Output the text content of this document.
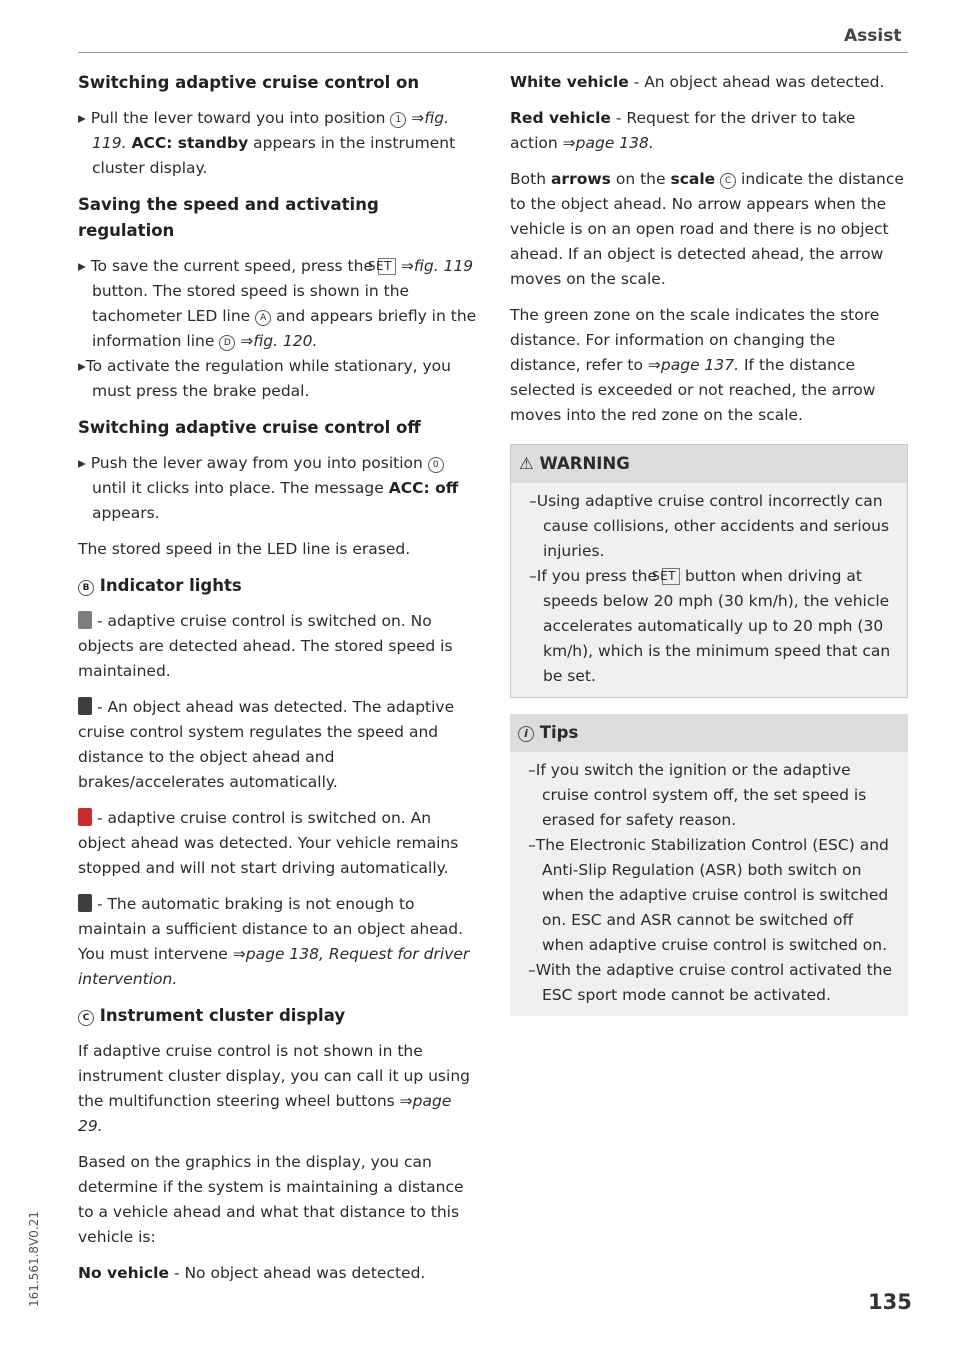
Assist
161.561.8V0.21
Switching adaptive cruise control on

▸ Pull the lever toward you into position 1 ⇒fig. 119. ACC: standby appears in the instrument cluster display.

Saving the speed and activating regulation

▸ To save the current speed, press the SET ⇒fig. 119 button. The stored speed is shown in the tachometer LED line A and appears briefly in the information line D ⇒fig. 120.

▸ To activate the regulation while stationary, you must press the brake pedal.

Switching adaptive cruise control off

▸ Push the lever away from you into position 0 until it clicks into place. The message ACC: off appears.

The stored speed in the LED line is erased.

B Indicator lights

- adaptive cruise control is switched on. No objects are detected ahead. The stored speed is maintained.

- An object ahead was detected. The adaptive cruise control system regulates the speed and distance to the object ahead and brakes/accelerates automatically.

- adaptive cruise control is switched on. An object ahead was detected. Your vehicle remains stopped and will not start driving automatically.

- The automatic braking is not enough to maintain a sufficient distance to an object ahead. You must intervene ⇒page 138, Request for driver intervention.

C Instrument cluster display

If adaptive cruise control is not shown in the instrument cluster display, you can call it up using the multifunction steering wheel buttons ⇒page 29.

Based on the graphics in the display, you can determine if the system is maintaining a distance to a vehicle ahead and what that distance to this vehicle is:

No vehicle - No object ahead was detected.

White vehicle - An object ahead was detected.

Red vehicle - Request for the driver to take action ⇒page 138.

Both arrows on the scale C indicate the distance to the object ahead. No arrow appears when the vehicle is on an open road and there is no object ahead. If an object is detected ahead, the arrow moves on the scale.

The green zone on the scale indicates the store distance. For information on changing the distance, refer to ⇒page 137. If the distance selected is exceeded or not reached, the arrow moves into the red zone on the scale.

⚠ WARNING

– Using adaptive cruise control incorrectly can cause collisions, other accidents and serious injuries.

– If you press the SET button when driving at speeds below 20 mph (30 km/h), the vehicle accelerates automatically up to 20 mph (30 km/h), which is the minimum speed that can be set.

i Tips

– If you switch the ignition or the adaptive cruise control system off, the set speed is erased for safety reason.

– The Electronic Stabilization Control (ESC) and Anti-Slip Regulation (ASR) both switch on when the adaptive cruise control is switched on. ESC and ASR cannot be switched off when adaptive cruise control is switched on.

– With the adaptive cruise control activated the ESC sport mode cannot be activated.

135
